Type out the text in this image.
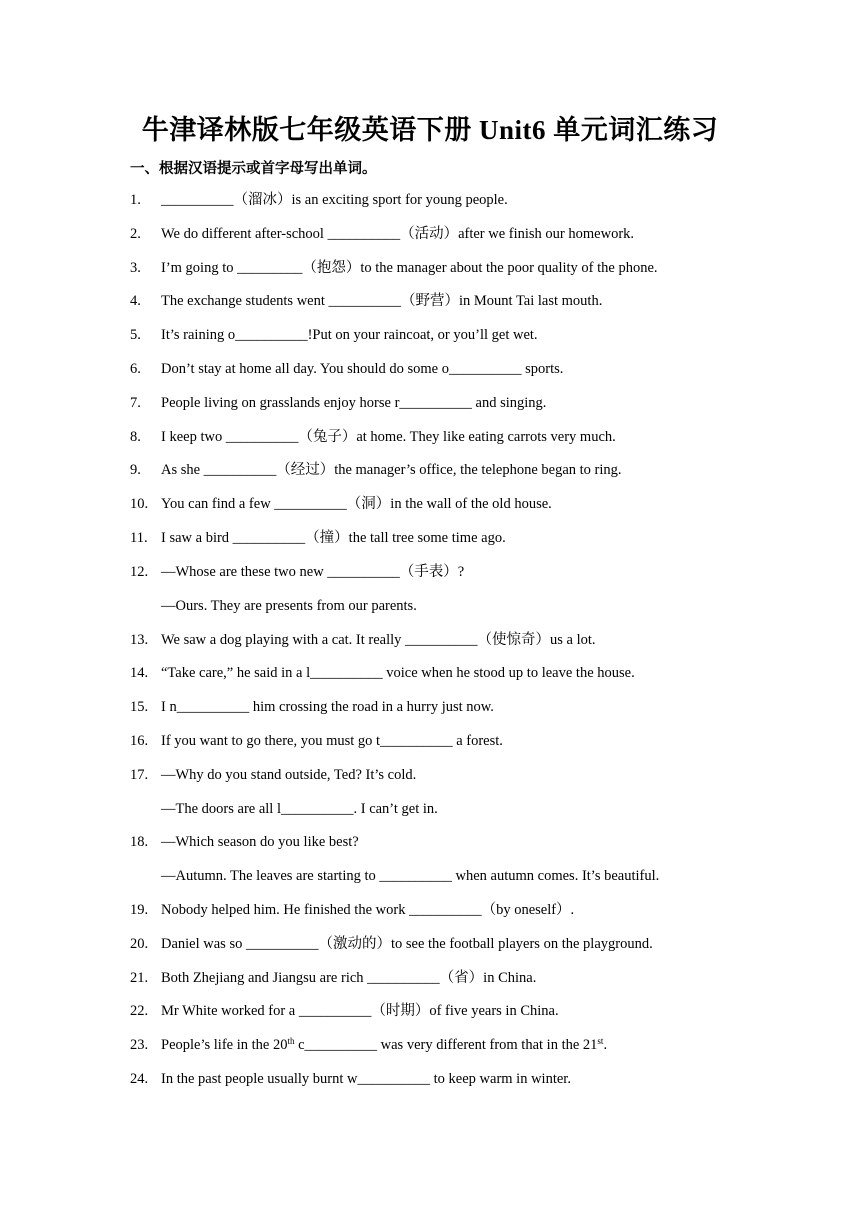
牛津译林版七年级英语下册 Unit6 单元词汇练习
一、根据汉语提示或首字母写出单词。
1. __________（溜冰）is an exciting sport for young people.
2. We do different after-school __________（活动）after we finish our homework.
3. I’m going to _________（抱怨）to the manager about the poor quality of the phone.
4. The exchange students went __________（野营）in Mount Tai last mouth.
5. It’s raining o__________!Put on your raincoat, or you’ll get wet.
6. Don’t stay at home all day. You should do some o__________ sports.
7. People living on grasslands enjoy horse r__________ and singing.
8. I keep two __________（兔子）at home. They like eating carrots very much.
9. As she __________（经过）the manager’s office, the telephone began to ring.
10. You can find a few __________（洞）in the wall of the old house.
11. I saw a bird __________（撞）the tall tree some time ago.
12. —Whose are these two new __________（手表）?
—Ours. They are presents from our parents.
13. We saw a dog playing with a cat. It really __________（使惊奇）us a lot.
14. “Take care,” he said in a l__________ voice when he stood up to leave the house.
15. I n__________ him crossing the road in a hurry just now.
16. If you want to go there, you must go t__________ a forest.
17. —Why do you stand outside, Ted? It’s cold.
—The doors are all l__________. I can’t get in.
18. —Which season do you like best?
—Autumn. The leaves are starting to __________ when autumn comes. It’s beautiful.
19. Nobody helped him. He finished the work __________（by oneself）.
20. Daniel was so __________（激动的）to see the football players on the playground.
21. Both Zhejiang and Jiangsu are rich __________（省）in China.
22. Mr White worked for a __________（时期）of five years in China.
23. People’s life in the 20th c__________ was very different from that in the 21st.
24. In the past people usually burnt w__________ to keep warm in winter.
